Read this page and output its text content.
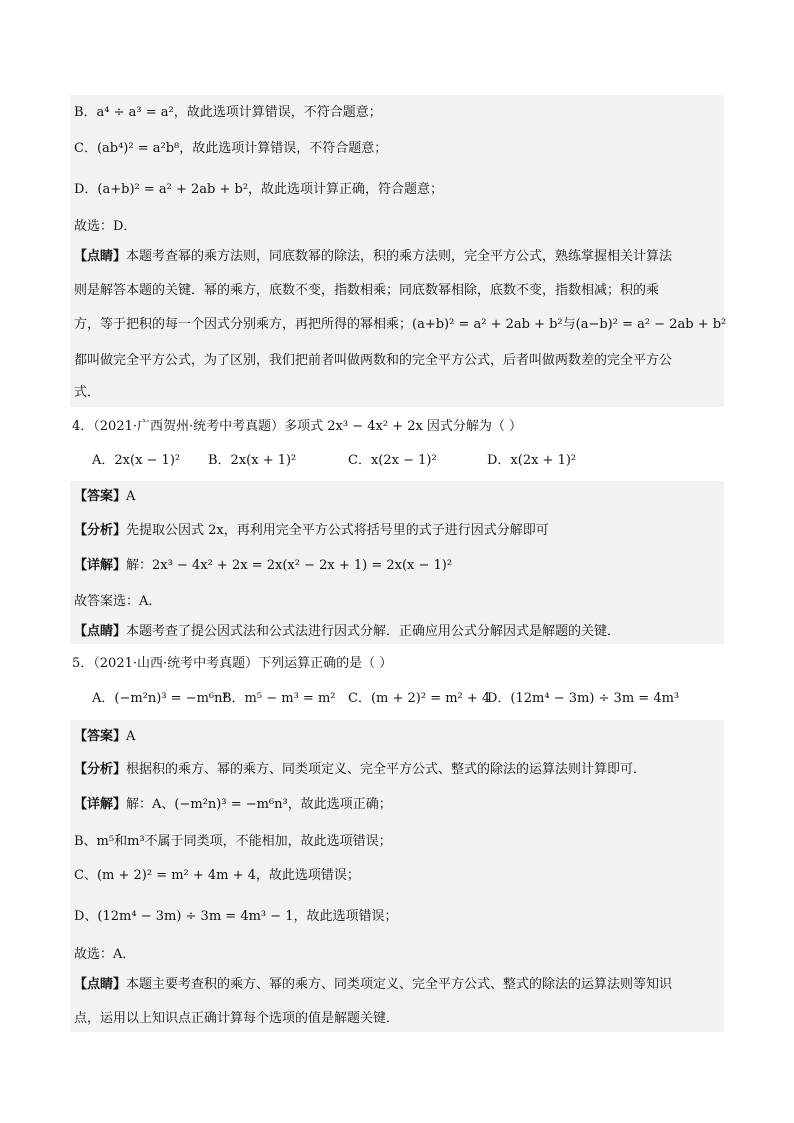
B．a⁴ ÷ a³ = a²，故此选项计算错误，不符合题意；
C．(ab⁴)² = a²b⁸，故此选项计算错误，不符合题意；
D．(a+b)² = a² + 2ab + b²，故此选项计算正确，符合题意；
故选：D．
【点睛】本题考查幂的乘方法则，同底数幂的除法，积的乘方法则，完全平方公式，熟练掌握相关计算法
则是解答本题的关键．幂的乘方，底数不变，指数相乘；同底数幂相除，底数不变，指数相减；积的乘
方，等于把积的每一个因式分别乘方，再把所得的幂相乘；(a+b)² = a² + 2ab + b²与(a−b)² = a² − 2ab + b²
都叫做完全平方公式，为了区别，我们把前者叫做两数和的完全平方公式，后者叫做两数差的完全平方公
式．
4．（2021·广西贺州·统考中考真题）多项式 2x³ − 4x² + 2x 因式分解为（ ）
A．2x(x − 1)² B．2x(x + 1)²	C．x(2x − 1)²	D．x(2x + 1)²
【答案】A
【分析】先提取公因式 2x，再利用完全平方公式将括号里的式子进行因式分解即可
【详解】解：2x³ − 4x² + 2x = 2x(x² − 2x + 1) = 2x(x − 1)²
故答案选：A．
【点睛】本题考查了提公因式法和公式法进行因式分解．正确应用公式分解因式是解题的关键．
5．（2021·山西·统考中考真题）下列运算正确的是（ ）
A．(−m²n)³ = −m⁶n³
B．m⁵ − m³ = m² C．(m + 2)² = m² + 4
D．(12m⁴ − 3m) ÷ 3m = 4m³
【答案】A
【分析】根据积的乘方、幂的乘方、同类项定义、完全平方公式、整式的除法的运算法则计算即可．
【详解】解：A、(−m²n)³ = −m⁶n³，故此选项正确；
B、m⁵和m³不属于同类项，不能相加，故此选项错误；
C、(m + 2)² = m² + 4m + 4，故此选项错误；
D、(12m⁴ − 3m) ÷ 3m = 4m³ − 1，故此选项错误；
故选：A．
【点睛】本题主要考查积的乘方、幂的乘方、同类项定义、完全平方公式、整式的除法的运算法则等知识
点，运用以上知识点正确计算每个选项的值是解题关键．
